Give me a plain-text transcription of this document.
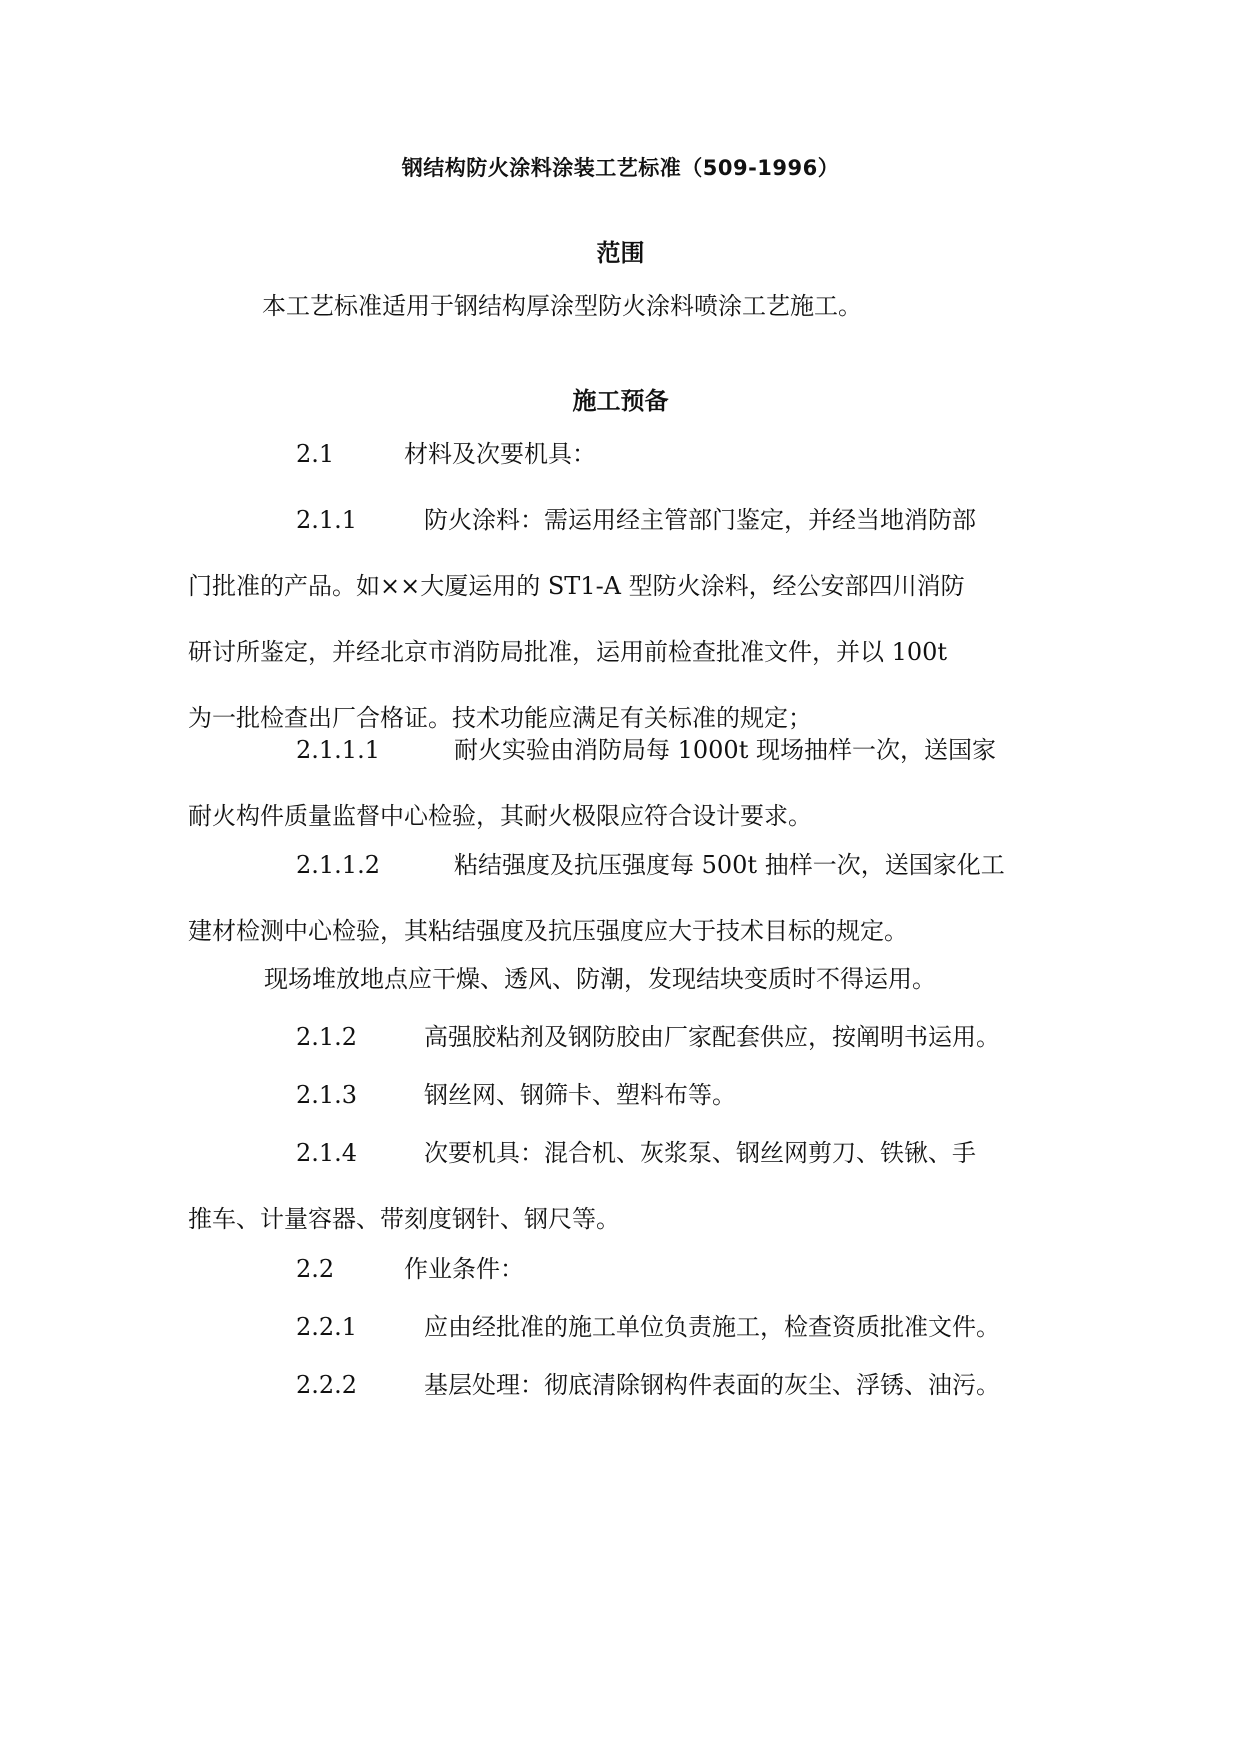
钢结构防火涂料涂装工艺标准（509-1996）
范围
本工艺标准适用于钢结构厚涂型防火涂料喷涂工艺施工。
施工预备
2.1	材料及次要机具：
2.1.1	防火涂料：需运用经主管部门鉴定，并经当地消防部
门批准的产品。如××大厦运用的 ST1-A 型防火涂料，经公安部四川消防
研讨所鉴定，并经北京市消防局批准，运用前检查批准文件，并以 100t
为一批检查出厂合格证。技术功能应满足有关标准的规定；
2.1.1.1	耐火实验由消防局每 1000t 现场抽样一次，送国家
耐火构件质量监督中心检验，其耐火极限应符合设计要求。
2.1.1.2	粘结强度及抗压强度每 500t 抽样一次，送国家化工
建材检测中心检验，其粘结强度及抗压强度应大于技术目标的规定。
现场堆放地点应干燥、透风、防潮，发现结块变质时不得运用。
2.1.2	高强胶粘剂及钢防胶由厂家配套供应，按阐明书运用。
2.1.3	钢丝网、钢筛卡、塑料布等。
2.1.4	次要机具：混合机、灰浆泵、钢丝网剪刀、铁锹、手
推车、计量容器、带刻度钢针、钢尺等。
2.2	作业条件：
2.2.1	应由经批准的施工单位负责施工，检查资质批准文件。
2.2.2	基层处理：彻底清除钢构件表面的灰尘、浮锈、油污。
